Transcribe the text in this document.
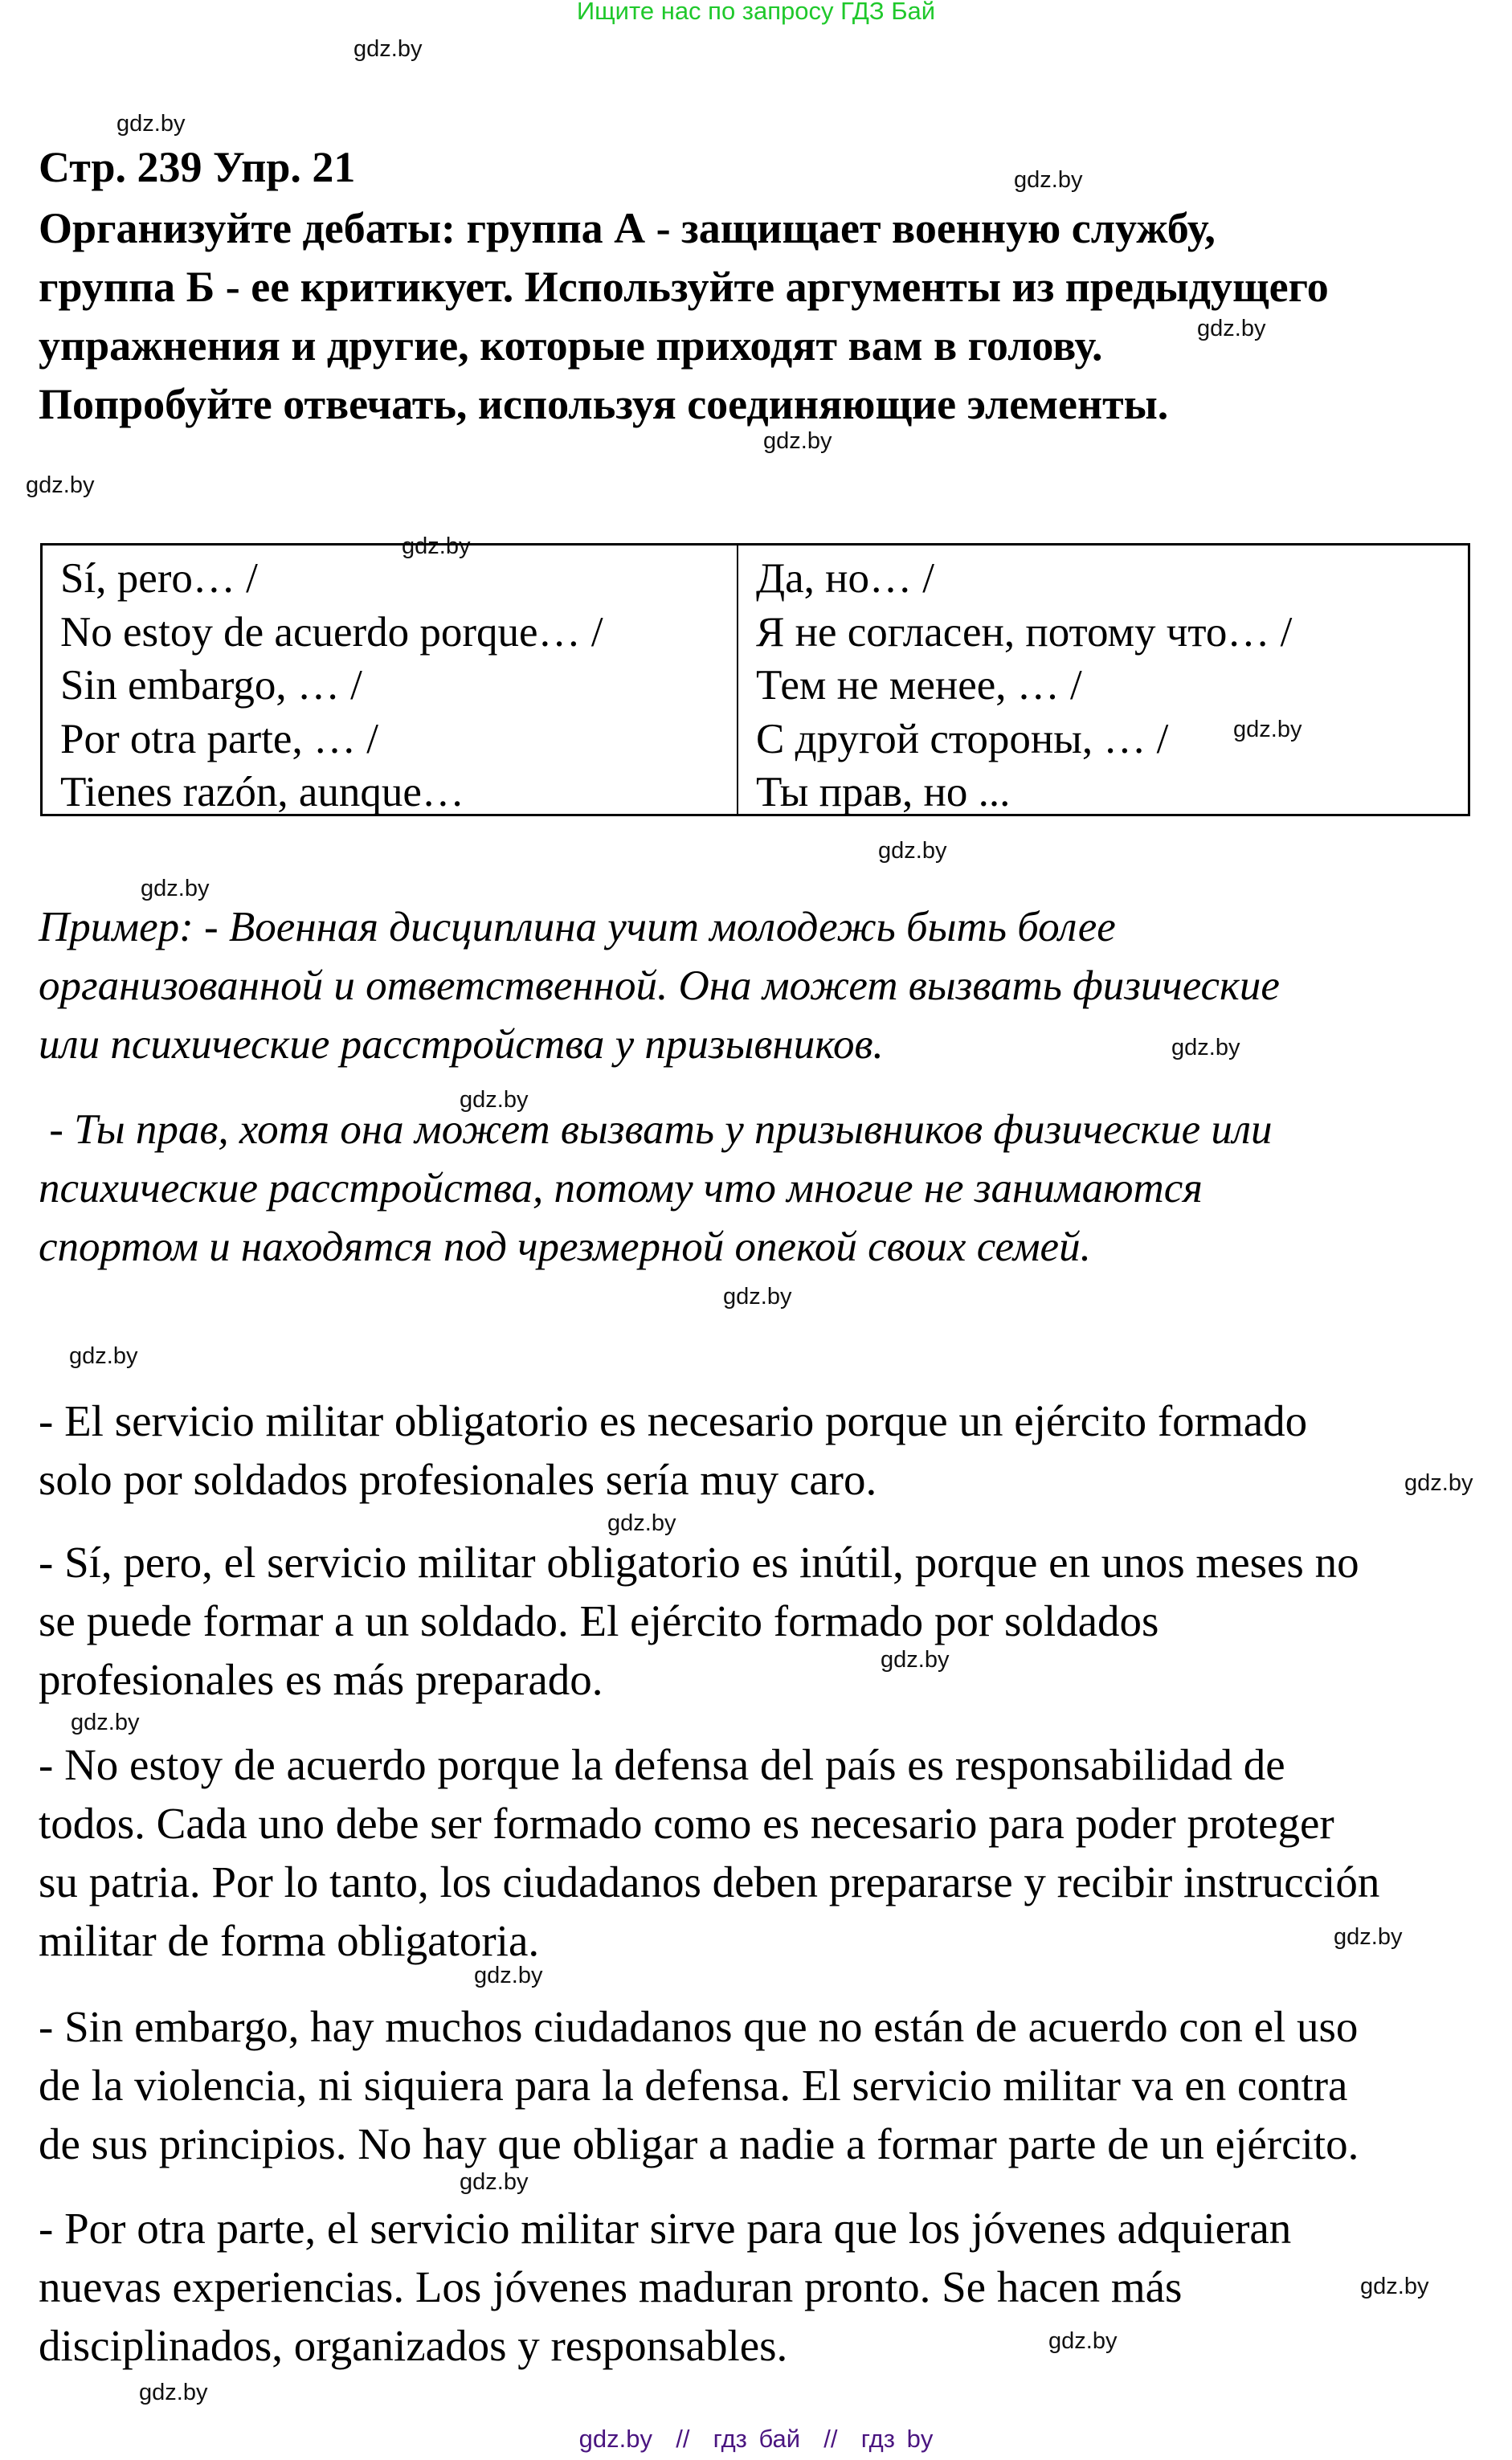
Ищите нас по запросу ГДЗ Бай
gdz.by
gdz.by
gdz.by
gdz.by
gdz.by
gdz.by
gdz.by
gdz.by
gdz.by
gdz.by
gdz.by
gdz.by
gdz.by
gdz.by
gdz.by
gdz.by
gdz.by
gdz.by
gdz.by
gdz.by
gdz.by
gdz.by
gdz.by
gdz.by
Стр. 239 Упр. 21
Организуйте дебаты: группа А - защищает военную службу,
группа Б - ее критикует. Используйте аргументы из предыдущего
упражнения и другие, которые приходят вам в голову.
Попробуйте отвечать, используя соединяющие элементы.
Sí, pero… /
No estoy de acuerdo porque… /
Sin embargo, … /
Por otra parte, … /
Tienes razón, aunque…
Да, но… /
Я не согласен, потому что… /
Тем не менее, … /
С другой стороны, … /
Ты прав, но ...
Пример: - Военная дисциплина учит молодежь быть более
организованной и ответственной. Она может вызвать физические
или психические расстройства у призывников.
- Ты прав, хотя она может вызвать у призывников физические или
психические расстройства, потому что многие не занимаются
спортом и находятся под чрезмерной опекой своих семей.
- El servicio militar obligatorio es necesario porque un ejército formado
solo por soldados profesionales sería muy caro.
- Sí, pero, el servicio militar obligatorio es inútil, porque en unos meses no
se puede formar a un soldado. El ejército formado por soldados
profesionales es más preparado.
- No estoy de acuerdo porque la defensa del país es responsabilidad de
todos. Cada uno debe ser formado como es necesario para poder proteger
su patria. Por lo tanto, los ciudadanos deben prepararse y recibir instrucción
militar de forma obligatoria.
- Sin embargo, hay muchos ciudadanos que no están de acuerdo con el uso
de la violencia, ni siquiera para la defensa. El servicio militar va en contra
de sus principios. No hay que obligar a nadie a formar parte de un ejército.
- Por otra parte, el servicio militar sirve para que los jóvenes adquieran
nuevas experiencias. Los jóvenes maduran pronto. Se hacen más
disciplinados, organizados y responsables.
gdz.by  //  гдз бай  //  гдз by
